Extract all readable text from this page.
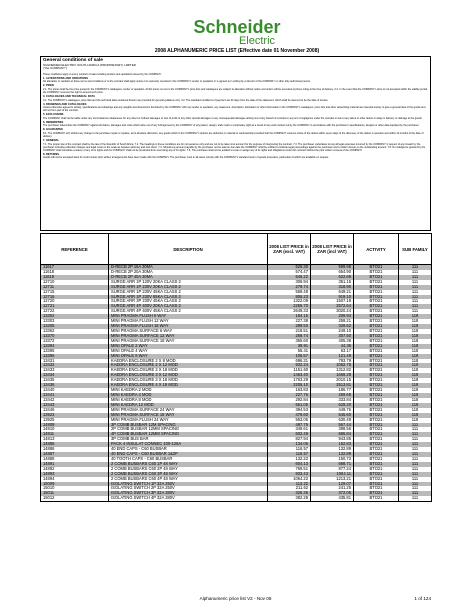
Schneider
Electric
2008 ALPHANUMERIC PRICE LIST (Effective date 01 November 2008)
General conditions of sale
SCHNEIDER ELECTRIC SOUTH AFRICA (PROPRIETARY) LIMITED
("the COMPANY")
These conditions apply to every contract of sale including tenders and quotations issued by the COMPANY.
1. ALTERATIONS AND VARIATIONS
No alteration or variation to these terms and conditions or to the contract shall apply unless it is expressly recorded in the COMPANY's tender or quotation or is agreed to in writing by a director of the COMPANY or other duly authorised person.
2. PRICE
2.1. The prices shall be the price quoted in the COMPANY's catalogues, tender or quotation. All list prices set out in the COMPANY's price lists and catalogues are subject to alteration without notice and orders will be executed at prices ruling at the time of delivery. 2.2. In the event that the COMPANY's price is not accepted within the validity period, the COMPANY reserves the right to amend such price.
3. CATALOGUES AND TECHNICAL DATA
3.1. The COMPANY's catalogues, price lists and the technical data contained therein are provided for general guidance only. 3.2. The standard conditions of payment are 30 days from the date of the statement, which shall be deemed to be the date of invoice.
4. DRAWINGS AND CATALOGUES
Unless otherwise agreed in writing, specifications and drawings and any weights and dimensions furnished by the COMPANY with any tender or quotation, any statement, description, illustration or other information in the COMPANY's catalogues, price lists and other advertising material are intended merely to give a general idea of the goods and will not form part of the contract.
5. EXCLUSIONS
The COMPANY shall not be liable under any circumstances whatsoever for any direct or indirect damages or loss of profit or any other special damages or any consequential damages arising out of any breach of contract or any act of negligence under the contract or due to any latent or other defect or delay in delivery or damage to the goods.
6. INDEMNITIES
The purchaser indemnifies the COMPANY against all claims, damages and costs which arise out of any infringement by the COMPANY of any patent, design, trade mark or proprietary right as a result of any work carried out by the COMPANY in accordance with the purchaser's specifications, designs or other data supplied by the purchaser.
8. GUARANTEE
8.1. The COMPANY will, without any charge to the purchaser repair or replace, at its absolute discretion, any goods which in the COMPANY's opinion are defective in material or workmanship provided that the COMPANY receives notice of the defect within seven days of the discovery of the defect in question and within 12 months of the date of delivery.
7. GENERAL
7.1. The proper law of the contract shall be the law of the Republic of South Africa. 7.2. The headings in these conditions are for convenience only and are not to be taken into account for the purpose of interpreting the contract. 7.3. The purchaser undertakes to pay all legal expenses incurred by the COMPANY in respect of any breach by the purchaser including collection charges and legal costs on the scale as between attorney and own client. 7.4. Should any amount payable by the purchaser not be paid on due date the COMPANY shall be entitled to institute legal proceedings against the purchaser and to claim interest on the outstanding amount. 7.5. No indulgence granted by the COMPANY shall constitute a waiver of any of its rights and the COMPANY shall not be precluded from exercising any of its rights. 7.6. The purchaser shall not be entitled to cede or assign any of its rights and obligations under this contract without the prior written consent of the COMPANY.
8. RETURNS
Goods will not be accepted back for credit unless prior written arrangements have been made with the COMPANY. The purchaser must in all cases comply with the COMPANY's standard return of goods procedure, particulars of which are available on request.
REFERENCE	DESCRIPTION	2008 LIST PRICE in ZAR (excl. VAT)	2008 LIST PRICE in ZAR (incl VAT)	ACTIVITY	SUB FAMILY
11617	D-RECB 2P 16A 30MA	526.30	599.98	BTO21	111
11618	D-RECB 2P 20A 30MA	574.47	654.90	BTO21	111
11619	D-RECB 2P 40A 30MA	546.22	622.69	BTO21	111
12710	SURGE ARR 1P 120V 20KA CLASS 2	306.94	351.15	BTO21	111
12711	SURGE ARR 1P 230V 20KA CLASS 2	279.74	318.90	BTO21	111
12715	SURGE ARR 1P 230V 45KA CLASS 2	569.48	649.21	BTO21	111
12716	SURGE ARR 1P 230V 65KA CLASS 2	806.23	919.10	BTO21	111
12720	SURGE ARR 3P 230V 45KA CLASS 2	1322.09	1507.18	BTO21	111
12721	SURGE ARR 4P 400V 20KA CLASS 2	2256.70	2572.64	BTO21	111
12722	SURGE ARR 4P 400V 45KA CLASS 2	2649.33	3020.24	BTO21	111
13302	MINI PRAGMA FLUSH 6 WAY	184.15	209.93	BTO21	118
13303	MINI PRAGMA FLUSH 12 WAY	227.38	259.21	BTO21	118
13305	MINI PRAGMA FLUSH 18 WAY	289.50	329.62	BTO21	118
13362	MINI PRAGMA SURFACE 6 WAY	218.51	249.10	BTO21	118
13370	MINI PRAGMA SURFACE 12 WAY	269.74	307.50	BTO21	118
13372	MINI PRAGMA SURFACE 18 WAY	355.60	405.38	BTO21	118
13394	MINI OPALE 2 WAY	38.91	44.36	BTO21	118
13395	MINI OPALE 4 WAY	55.41	63.17	BTO21	118
13396	MINI OPALE 8 WAY	106.57	121.49	BTO21	118
13431	KAEDRA ENCLOSURE 2 X 8 MOD	696.31	793.79	BTO21	118
13432	KAEDRA ENCLOSURE 2 X 12 MOD	932.24	1062.75	BTO21	118
13433	KAEDRA ENCLOSURE 2 X 18 MOD	1151.60	1312.82	BTO21	118
13434	KAEDRA ENCLOSURE 3 X 12 MOD	1463.40	1668.28	BTO21	118
13435	KAEDRA ENCLOSURE 3 X 18 MOD	1763.29	2010.15	BTO21	118
13436	KAEDRA ENCLOSURE 4 X 18 MOD	2205.10	2513.81	BTO21	118
13440	MINI KAEDRA 2 MOD	163.83	186.77	BTO21	118
13441	MINI KAEDRA 4 MOD	227.76	259.65	BTO21	118
13442	MINI KAEDRA 8 MOD	292.84	333.84	BTO21	118
13443	MINI KAEDRA 12 MOD	551.05	628.20	BTO21	118
13446	MINI PRAGMA SURFACE 24 WAY	394.53	449.76	BTO21	118
13923	MINI PRAGMA SURFACE 18 WAY	478.60	545.60	BTO21	118
13925	MINI PRAGMA FLUSH 24 WAY	553.06	630.49	BTO21	118
14809	3P COMB BUSBAR 12M SPACING	497.75	567.44	BTO21	111
14810	2P COMB BUSBAR 12MM SPACING	349.61	398.56	BTO21	111
14811	4P COMB BUSBAR 12MM SPACING	602.49	686.84	BTO21	111
14813	3P COMB BUS BAR	827.94	943.85	BTO21	111
14885	PACK 4 INSULAT CONNEC 100-125A	134.06	152.83	BTO21	111
14886	40 END CAPS - C60 BUSBAR	116.57	132.89	BTO21	111
14887	40 END CAPS - C60 BUSBAR 1&2P	116.57	132.89	BTO21	111
14888	40 TOOTH CAPS - C60 BUSBAR	132.22	150.73	BTO21	111
14891	2 COMB BUSBARS C60 1P 48 WAY	604.13	688.71	BTO21	111
14892	2 COMB BUSBARS C60 2P 48 WAY	769.51	877.24	BTO21	111
14893	2 COMB BUSBARS C60 3P 48 WAY	933.43	1064.11	BTO21	111
14894	2 COMB BUSBARS C60 4P 48 WAY	1064.22	1213.21	BTO21	111
15009	ISOLATING SWITCH 1P 32A 250V	113.22	129.07	BTO21	111
15010	ISOLATING SWITCH 2P 32A 250V	211.62	241.25	BTO21	111
15011	ISOLATING SWITCH 3P 32A 380V	326.36	372.05	BTO21	111
15012	ISOLATING SWITCH 4P 32A 380V	382.29	435.81	BTO21	111
Alphanumeric price list V2 - Nov 08	1 of 124
